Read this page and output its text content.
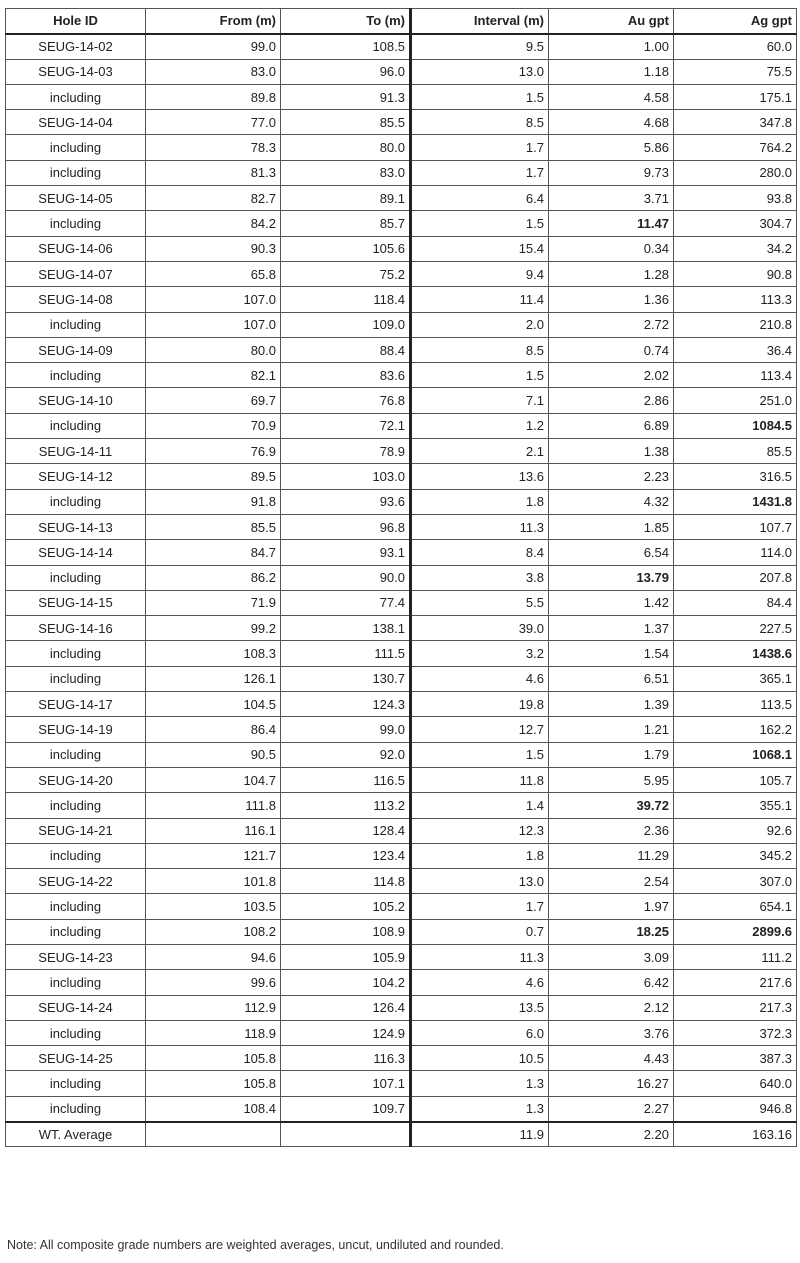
Hole ID	From (m)	To (m)	Interval (m)	Au gpt	Ag gpt
SEUG-14-02	99.0	108.5	9.5	1.00	60.0
SEUG-14-03	83.0	96.0	13.0	1.18	75.5
including	89.8	91.3	1.5	4.58	175.1
SEUG-14-04	77.0	85.5	8.5	4.68	347.8
including	78.3	80.0	1.7	5.86	764.2
including	81.3	83.0	1.7	9.73	280.0
SEUG-14-05	82.7	89.1	6.4	3.71	93.8
including	84.2	85.7	1.5	11.47	304.7
SEUG-14-06	90.3	105.6	15.4	0.34	34.2
SEUG-14-07	65.8	75.2	9.4	1.28	90.8
SEUG-14-08	107.0	118.4	11.4	1.36	113.3
including	107.0	109.0	2.0	2.72	210.8
SEUG-14-09	80.0	88.4	8.5	0.74	36.4
including	82.1	83.6	1.5	2.02	113.4
SEUG-14-10	69.7	76.8	7.1	2.86	251.0
including	70.9	72.1	1.2	6.89	1084.5
SEUG-14-11	76.9	78.9	2.1	1.38	85.5
SEUG-14-12	89.5	103.0	13.6	2.23	316.5
including	91.8	93.6	1.8	4.32	1431.8
SEUG-14-13	85.5	96.8	11.3	1.85	107.7
SEUG-14-14	84.7	93.1	8.4	6.54	114.0
including	86.2	90.0	3.8	13.79	207.8
SEUG-14-15	71.9	77.4	5.5	1.42	84.4
SEUG-14-16	99.2	138.1	39.0	1.37	227.5
including	108.3	111.5	3.2	1.54	1438.6
including	126.1	130.7	4.6	6.51	365.1
SEUG-14-17	104.5	124.3	19.8	1.39	113.5
SEUG-14-19	86.4	99.0	12.7	1.21	162.2
including	90.5	92.0	1.5	1.79	1068.1
SEUG-14-20	104.7	116.5	11.8	5.95	105.7
including	111.8	113.2	1.4	39.72	355.1
SEUG-14-21	116.1	128.4	12.3	2.36	92.6
including	121.7	123.4	1.8	11.29	345.2
SEUG-14-22	101.8	114.8	13.0	2.54	307.0
including	103.5	105.2	1.7	1.97	654.1
including	108.2	108.9	0.7	18.25	2899.6
SEUG-14-23	94.6	105.9	11.3	3.09	111.2
including	99.6	104.2	4.6	6.42	217.6
SEUG-14-24	112.9	126.4	13.5	2.12	217.3
including	118.9	124.9	6.0	3.76	372.3
SEUG-14-25	105.8	116.3	10.5	4.43	387.3
including	105.8	107.1	1.3	16.27	640.0
including	108.4	109.7	1.3	2.27	946.8
WT. Average			11.9	2.20	163.16
Note: All composite grade numbers are weighted averages, uncut, undiluted and rounded.
